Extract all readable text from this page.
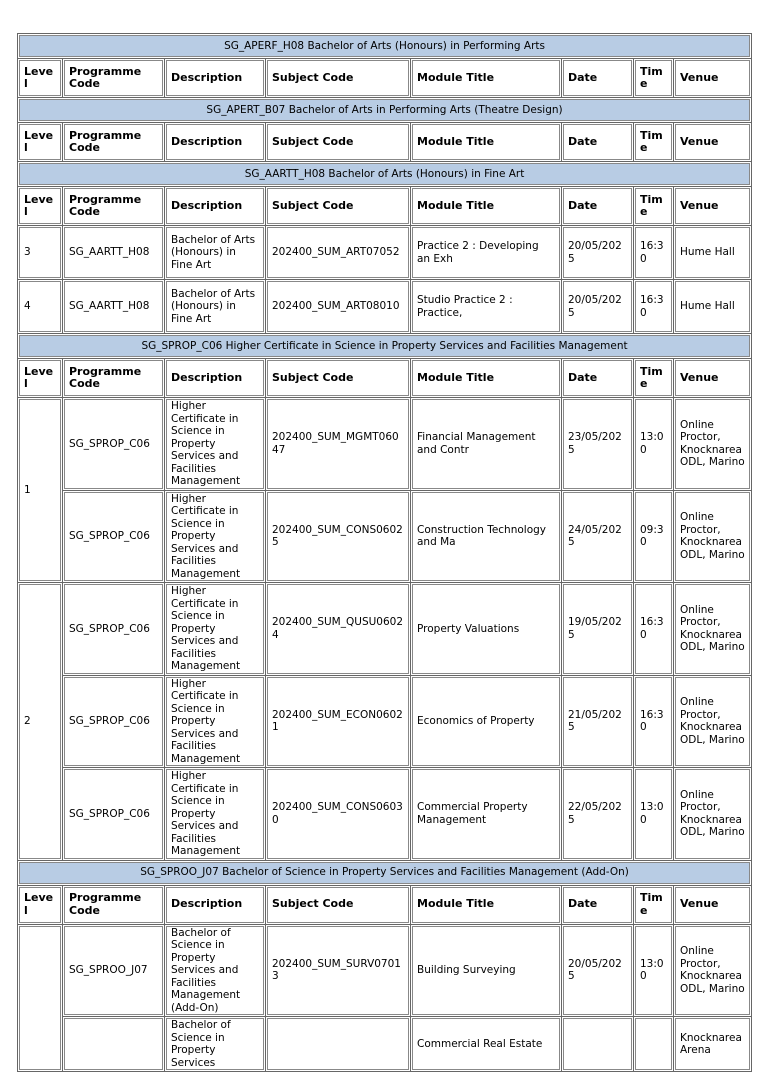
SG_APERF_H08 Bachelor of Arts (Honours) in Performing Arts							
Level	Programme Code	Description	Subject Code	Module Title	Date	Time	Venue
SG_APERT_B07 Bachelor of Arts in Performing Arts (Theatre Design)							
Level	Programme Code	Description	Subject Code	Module Title	Date	Time	Venue
SG_AARTT_H08 Bachelor of Arts (Honours) in Fine Art							
Level	Programme Code	Description	Subject Code	Module Title	Date	Time	Venue
3	SG_AARTT_H08	Bachelor of Arts (Honours) in Fine Art	202400_SUM_ART07052	Practice 2 : Developing an Exh	20/05/2025	16:30	Hume Hall
4	SG_AARTT_H08	Bachelor of Arts (Honours) in Fine Art	202400_SUM_ART08010	Studio Practice 2 : Practice,	20/05/2025	16:30	Hume Hall
SG_SPROP_C06 Higher Certificate in Science in Property Services and Facilities Management							
Level	Programme Code	Description	Subject Code	Module Title	Date	Time	Venue
1	SG_SPROP_C06	Higher Certificate in Science in Property Services and Facilities Management	202400_SUM_MGMT06047	Financial Management and Contr	23/05/2025	13:00	Online Proctor, Knocknarea ODL, Marino
	SG_SPROP_C06	Higher Certificate in Science in Property Services and Facilities Management	202400_SUM_CONS06025	Construction Technology and Ma	24/05/2025	09:30	Online Proctor, Knocknarea ODL, Marino
2	SG_SPROP_C06	Higher Certificate in Science in Property Services and Facilities Management	202400_SUM_QUSU06024	Property Valuations	19/05/2025	16:30	Online Proctor, Knocknarea ODL, Marino
	SG_SPROP_C06	Higher Certificate in Science in Property Services and Facilities Management	202400_SUM_ECON06021	Economics of Property	21/05/2025	16:30	Online Proctor, Knocknarea ODL, Marino
	SG_SPROP_C06	Higher Certificate in Science in Property Services and Facilities Management	202400_SUM_CONS06030	Commercial Property Management	22/05/2025	13:00	Online Proctor, Knocknarea ODL, Marino
SG_SPROO_J07 Bachelor of Science in Property Services and Facilities Management (Add-On)							
Level	Programme Code	Description	Subject Code	Module Title	Date	Time	Venue
	SG_SPROO_J07	Bachelor of Science in Property Services and Facilities Management (Add-On)	202400_SUM_SURV07013	Building Surveying	20/05/2025	13:00	Online Proctor, Knocknarea ODL, Marino
		Bachelor of Science in Property Services		Commercial Real Estate			Knocknarea Arena
